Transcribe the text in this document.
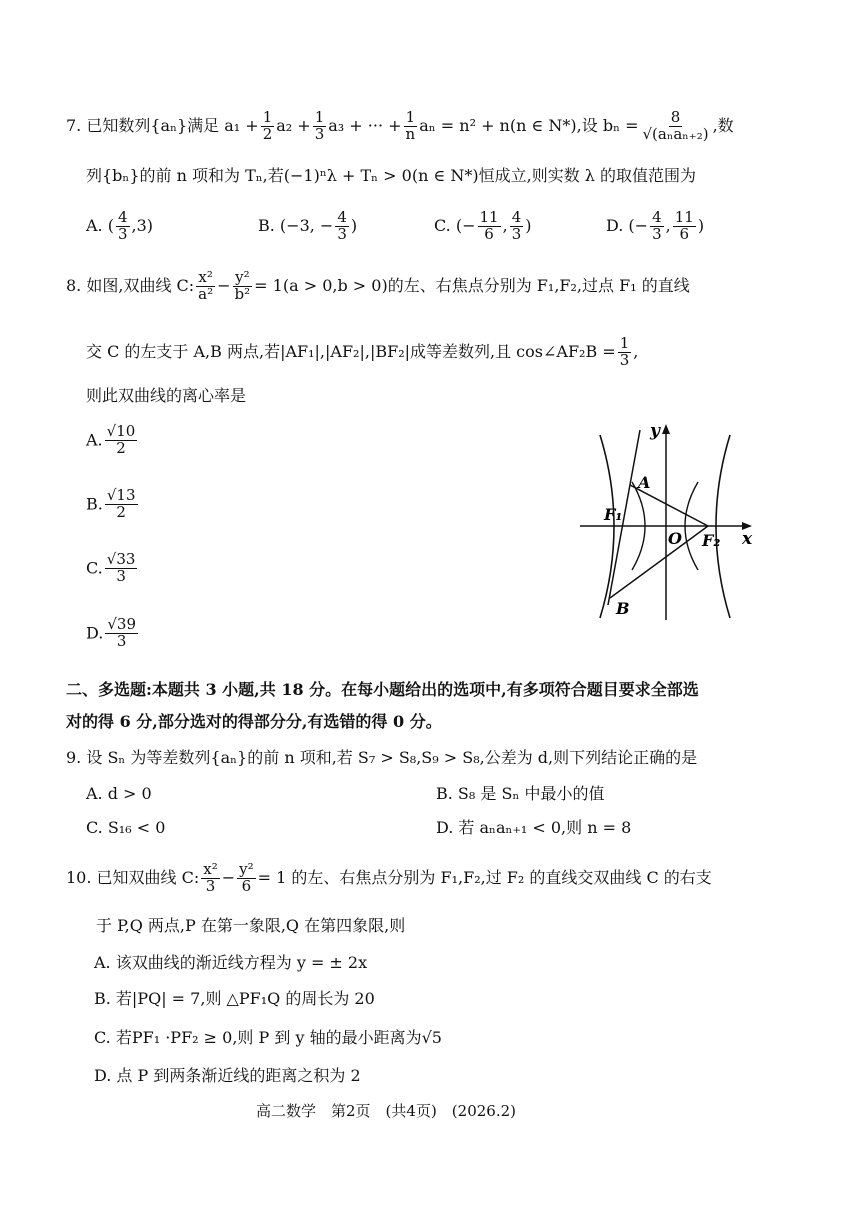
7. 已知数列{aₙ}满足 $a_1 + \frac{1}{2} a_2 + \frac{1}{3} a_3$ + ··· + $\frac{1}{n}$ aₙ = n² + n(n ∈ N*),设 $b_n = \frac{8}{\text{√(aₙaₙ₊₂)}}$ ,数
列{bₙ}的前 n 项和为 Tₙ,若(−1)ⁿλ + Tₙ > 0(n ∈ N*)恒成立,则实数 λ 的取值范围为
A. ( $\frac{4}{3} ,3$)	B. (−3, − $\frac{4}{3}$ )	C. (− $\frac{11}{6}$ , $\frac{4}{3}$ )	D. (− $\frac{4}{3}$ , $\frac{11}{6}$ )
8. 如图,双曲线 C: $\frac{\text{x²}}{\text{a²}} - \frac{\text{y²}}{\text{b²}} = 1(a > 0,b > 0)$的左、右焦点分别为 F₁,F₂,过点 F₁ 的直线
交 C 的左支于 A,B 两点,若|AF₁|,|AF₂|,|BF₂|成等差数列,且 cos∠AF₂B = $\frac{1}{3}$ ,
则此双曲线的离心率是
A. $\frac{√10}{2}$
B. $\frac{√13}{2}$
C. $\frac{√33}{3}$
D. $\frac{√39}{3}$
y
x
A
B
F₁
O F₂
二、多选题:本题共 3 小题,共 18 分。在每小题给出的选项中,有多项符合题目要求全部选
对的得 6 分,部分选对的得部分分,有选错的得 0 分。
9. 设 Sₙ 为等差数列{aₙ}的前 n 项和,若 S₇ > S₈,S₉ > S₈,公差为 d,则下列结论正确的是
A. d > 0	B. S₈ 是 Sₙ 中最小的值
C. S₁₆ < 0	D. 若 aₙaₙ₊₁ < 0,则 n = 8
10. 已知双曲线 C: $\frac{\text{x²}}{3} - \frac{\text{y²}}{6} = 1$ 的左、右焦点分别为 F₁,F₂,过 F₂ 的直线交双曲线 C 的右支
于 P,Q 两点,P 在第一象限,Q 在第四象限,则
A. 该双曲线的渐近线方程为 y = ± 2x
B. 若|PQ| = 7,则 △PF₁Q 的周长为 20
C. 若PF₁ ·PF₂ ≥ 0,则 P 到 y 轴的最小距离为√5
D. 点 P 到两条渐近线的距离之积为 2
高二数学　第2页　(共4页)　(2026.2)
